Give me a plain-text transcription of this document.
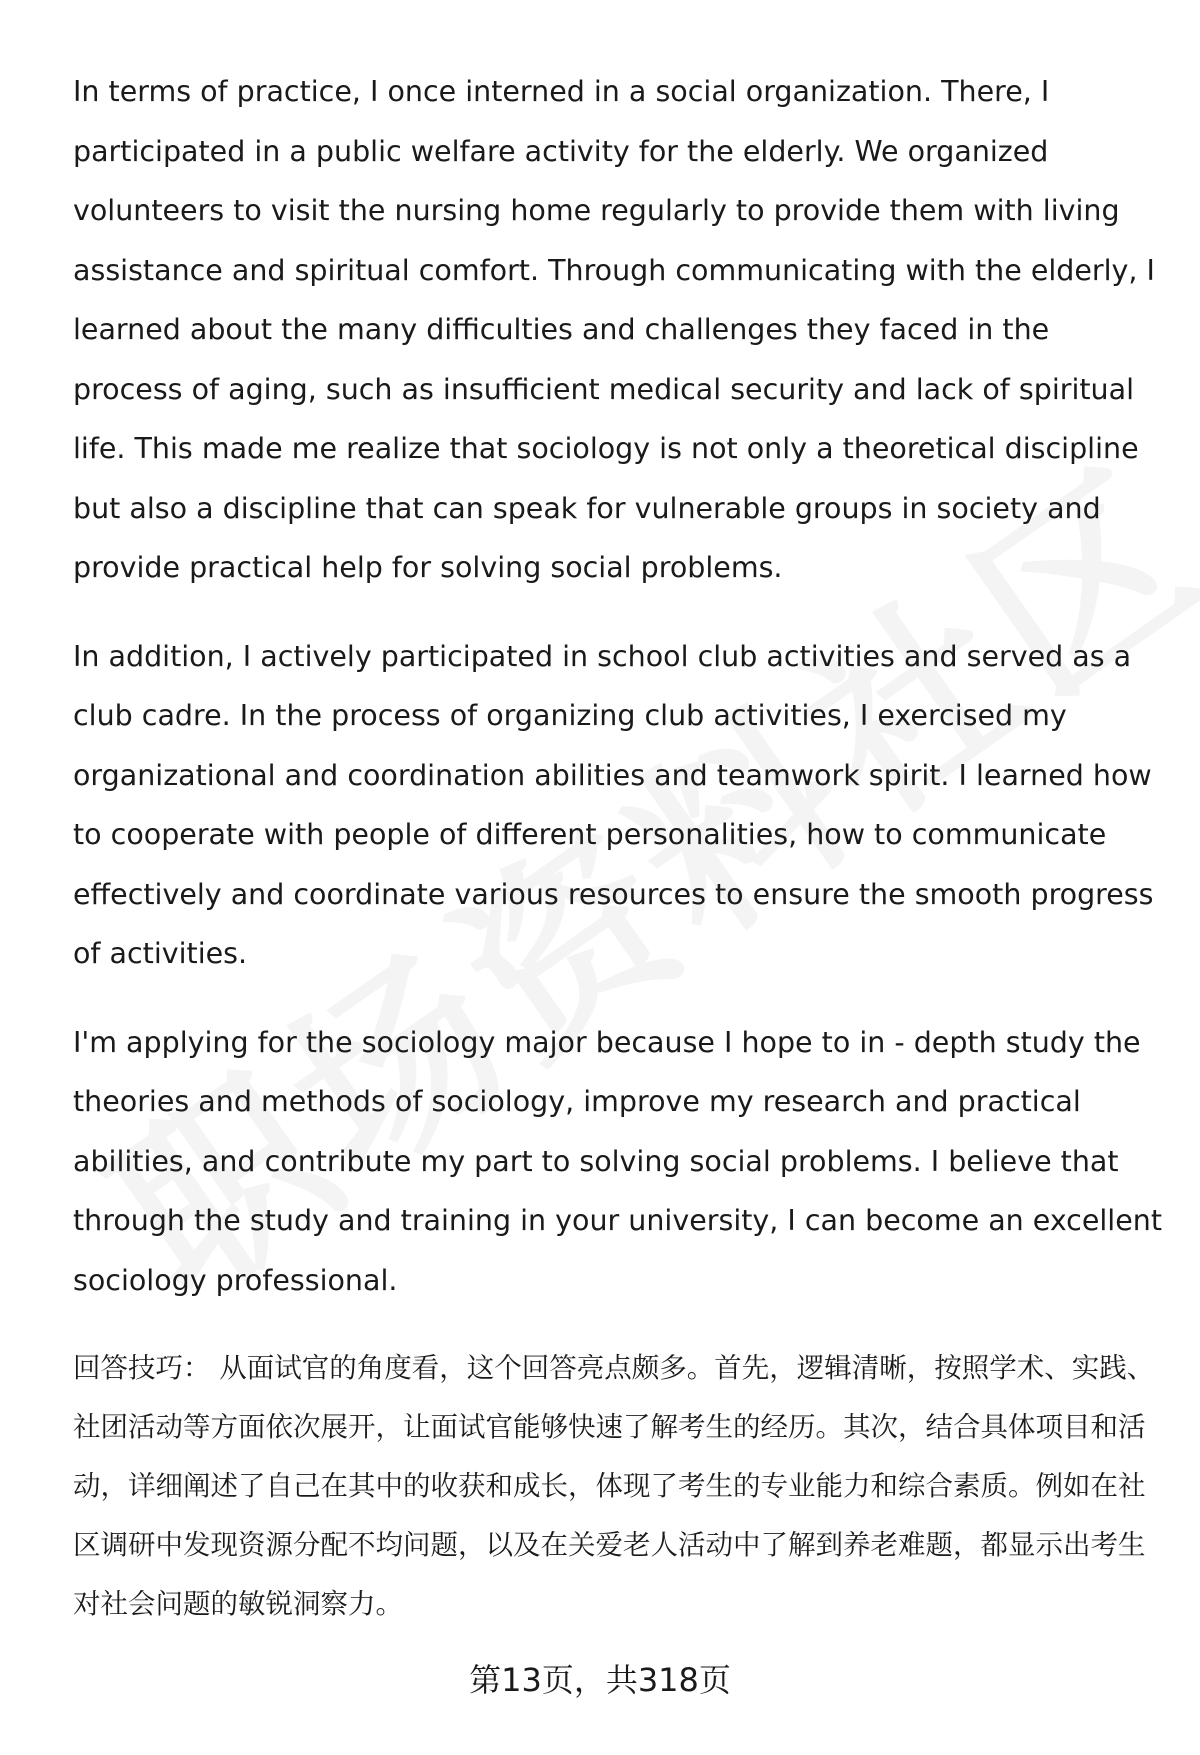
In terms of practice, I once interned in a social organization. There, I participated in a public welfare activity for the elderly. We organized volunteers to visit the nursing home regularly to provide them with living assistance and spiritual comfort. Through communicating with the elderly, I learned about the many difficulties and challenges they faced in the process of aging, such as insufficient medical security and lack of spiritual life. This made me realize that sociology is not only a theoretical discipline but also a discipline that can speak for vulnerable groups in society and provide practical help for solving social problems.

In addition, I actively participated in school club activities and served as a club cadre. In the process of organizing club activities, I exercised my organizational and coordination abilities and teamwork spirit. I learned how to cooperate with people of different personalities, how to communicate effectively and coordinate various resources to ensure the smooth progress of activities.

I'm applying for the sociology major because I hope to in - depth study the theories and methods of sociology, improve my research and practical abilities, and contribute my part to solving social problems. I believe that through the study and training in your university, I can become an excellent sociology professional.

回答技巧： 从面试官的角度看，这个回答亮点颇多。首先，逻辑清晰，按照学术、实践、社团活动等方面依次展开，让面试官能够快速了解考生的经历。其次，结合具体项目和活动，详细阐述了自己在其中的收获和成长，体现了考生的专业能力和综合素质。例如在社区调研中发现资源分配不均问题，以及在关爱老人活动中了解到养老难题，都显示出考生对社会问题的敏锐洞察力。

第13页，共318页
